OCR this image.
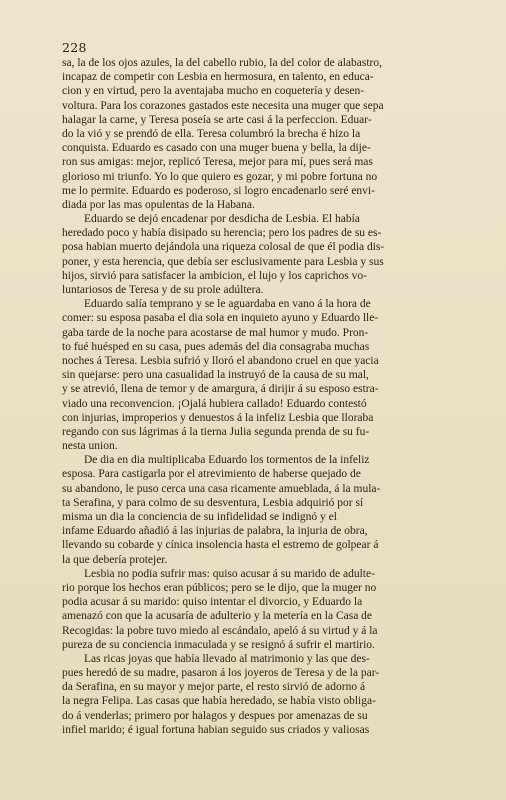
228
sa, la de los ojos azules, la del cabello rubio, la del color de alabastro,
incapaz de competir con Lesbia en hermosura, en talento, en educa-
cion y en virtud, pero la aventajaba mucho en coquetería y desen-
voltura. Para los corazones gastados este necesita una muger que sepa
halagar la carne, y Teresa poseía se arte casi á la perfeccion. Eduar-
do la vió y se prendó de ella. Teresa columbró la brecha é hizo la
conquista. Eduardo es casado con una muger buena y bella, la dije-
ron sus amigas: mejor, replicó Teresa, mejor para mí, pues será mas
glorioso mi triunfo. Yo lo que quiero es gozar, y mi pobre fortuna no
me lo permite. Eduardo es poderoso, si logro encadenarlo seré envi-
diada por las mas opulentas de la Habana.
Eduardo se dejó encadenar por desdicha de Lesbia. El había
heredado poco y había disipado su herencia; pero los padres de su es-
posa habian muerto dejándola una riqueza colosal de que él podia dis-
poner, y esta herencia, que debía ser esclusivamente para Lesbia y sus
hijos, sirvió para satisfacer la ambicion, el lujo y los caprichos vo-
luntariosos de Teresa y de su prole adúltera.
Eduardo salía temprano y se le aguardaba en vano á la hora de
comer: su esposa pasaba el dia sola en inquieto ayuno y Eduardo lle-
gaba tarde de la noche para acostarse de mal humor y mudo. Pron-
to fué huésped en su casa, pues además del dia consagraba muchas
noches á Teresa. Lesbia sufrió y lloró el abandono cruel en que yacia
sin quejarse: pero una casualidad la instruyó de la causa de su mal,
y se atrevió, llena de temor y de amargura, á dirijir á su esposo estra-
viado una reconvencion. ¡Ojalá hubiera callado! Eduardo contestó
con injurias, improperios y denuestos á la infeliz Lesbia que lloraba
regando con sus lágrimas á la tierna Julia segunda prenda de su fu-
nesta union.
De dia en dia multiplicaba Eduardo los tormentos de la infeliz
esposa. Para castigarla por el atrevimiento de haberse quejado de
su abandono, le puso cerca una casa ricamente amueblada, á la mula-
ta Serafina, y para colmo de su desventura, Lesbia adquirió por sí
misma un dia la conciencia de su infidelidad se indignó y el
infame Eduardo añadió á las injurias de palabra, la injuria de obra,
llevando su cobarde y cínica insolencia hasta el estremo de golpear á
la que debería protejer.
Lesbia no podia sufrir mas: quiso acusar á su marido de adulte-
rio porque los hechos eran públicos; pero se le dijo, que la muger no
podia acusar á su marido: quiso intentar el divorcio, y Eduardo la
amenazó con que la acusaría de adulterio y la metería en la Casa de
Recogidas: la pobre tuvo miedo al escándalo, apeló á su virtud y á la
pureza de su conciencia inmaculada y se resignó á sufrir el martirio.
Las ricas joyas que había llevado al matrimonio y las que des-
pues heredó de su madre, pasaron á los joyeros de Teresa y de la par-
da Serafina, en su mayor y mejor parte, el resto sirvió de adorno á
la negra Felipa. Las casas que había heredado, se había visto obliga-
do á venderlas; primero por halagos y despues por amenazas de su
infiel marido; é igual fortuna habian seguido sus criados y valiosas
